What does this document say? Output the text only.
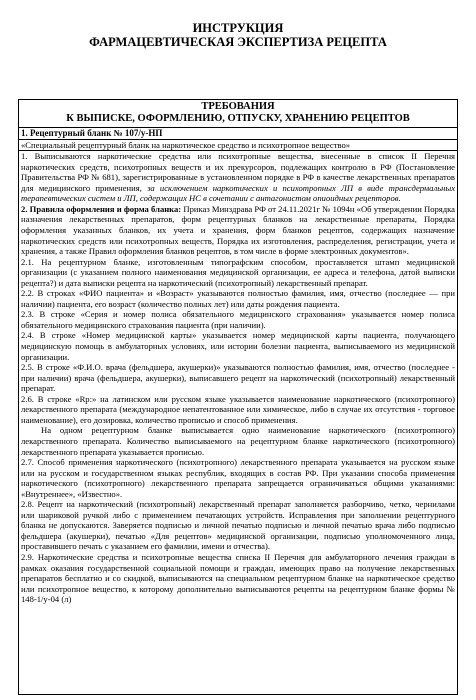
ИНСТРУКЦИЯ
ФАРМАЦЕВТИЧЕСКАЯ ЭКСПЕРТИЗА РЕЦЕПТА
ТРЕБОВАНИЯ
К ВЫПИСКЕ, ОФОРМЛЕНИЮ, ОТПУСКУ, ХРАНЕНИЮ РЕЦЕПТОВ
1. Рецептурный бланк № 107/у-НП
«Специальный рецептурный бланк на наркотическое средство и психотропное вещество»

1. Выписываются наркотические средства или психотропные вещества, внесенные в список II Перечня наркотических средств, психотропных веществ и их прекурсоров, подлежащих контролю в РФ (Постановление Правительства РФ № 681), зарегистрированные в установленном порядке в РФ в качестве лекарственных препаратов для медицинского применения, за исключением наркотических и психотропных ЛП в виде трансдермальных терапевтических систем и ЛП, содержащих НС в сочетании с антагонистом опиоидных рецепторов.

2. Правила оформления и форма бланка: Приказ Минздрава РФ от 24.11.2021г № 1094н «Об утверждении Порядка назначения лекарственных препаратов, форм рецептурных бланков на лекарственные препараты, Порядка оформления указанных бланков, их учета и хранения, форм бланков рецептов, содержащих назначение наркотических средств или психотропных веществ, Порядка их изготовления, распределения, регистрации, учета и хранения, а также Правил оформления бланков рецептов, в том числе в форме электронных документов».

2.1. На рецептурном бланке, изготовленным типографским способом, проставляется штамп медицинской организации (с указанием полного наименования медицинской организации, ее адреса и телефона, датой выписки рецепта?) и дата выписки рецепта на наркотический (психотропный) лекарственный препарат.

2.2. В строках «ФИО пациента» и «Возраст» указываются полностью фамилия, имя, отчество (последнее — при наличии) пациента, его возраст (количество полных лет) или даты рождения пациента.

2.3. В строке «Серия и номер полиса обязательного медицинского страхования» указывается номер полиса обязательного медицинского страхования пациента (при наличии).

2.4. В строке «Номер медицинской карты» указывается номер медицинской карты пациента, получающего медицинскую помощь в амбулаторных условиях, или истории болезни пациента, выписываемого из медицинской организации.

2.5. В строке «Ф.И.О. врача (фельдшера, акушерки)» указываются полностью фамилия, имя, отчество (последнее - при наличии) врача (фельдшера, акушерки), выписавшего рецепт на наркотический (психотропный) лекарственный препарат.

2.6. В строке «Rp:» на латинском или русском языке указывается наименование наркотического (психотропного) лекарственного препарата (международное непатентованное или химическое, либо в случае их отсутствия - торговое наименование), его дозировка, количество прописью и способ применения.

На одном рецептурном бланке выписывается одно наименование наркотического (психотропного) лекарственного препарата. Количество выписываемого на рецептурном бланке наркотического (психотропного) лекарственного препарата указывается прописью.

2.7. Способ применения наркотического (психотропного) лекарственного препарата указывается на русском языке или на русском и государственном языках республик, входящих в состав РФ. При указании способа применения наркотического (психотропного) лекарственного препарата запрещается ограничиваться общими указаниями: «Внутреннее», «Известно».

2.8. Рецепт на наркотический (психотропный) лекарственный препарат заполняется разборчиво, четко, чернилами или шариковой ручкой либо с применением печатающих устройств. Исправления при заполнении рецептурного бланка не допускаются. Заверяется подписью и личной печатью подписью и личной печатью врача либо подписью фельдшера (акушерки), печатью «Для рецептов» медицинской организации, подписью уполномоченного лица, проставившего печать с указанием его фамилии, имени и отчества).

2.9. Наркотические средства и психотропные вещества списка II Перечня для амбулаторного лечения граждан в рамках оказания государственной социальной помощи и граждан, имеющих право на получение лекарственных препаратов бесплатно и со скидкой, выписываются на специальном рецептурном бланке на наркотическое средство или психотропное вещество, к которому дополнительно выписываются рецепты на рецептурном бланке формы № 148-1/у-04 (л)
